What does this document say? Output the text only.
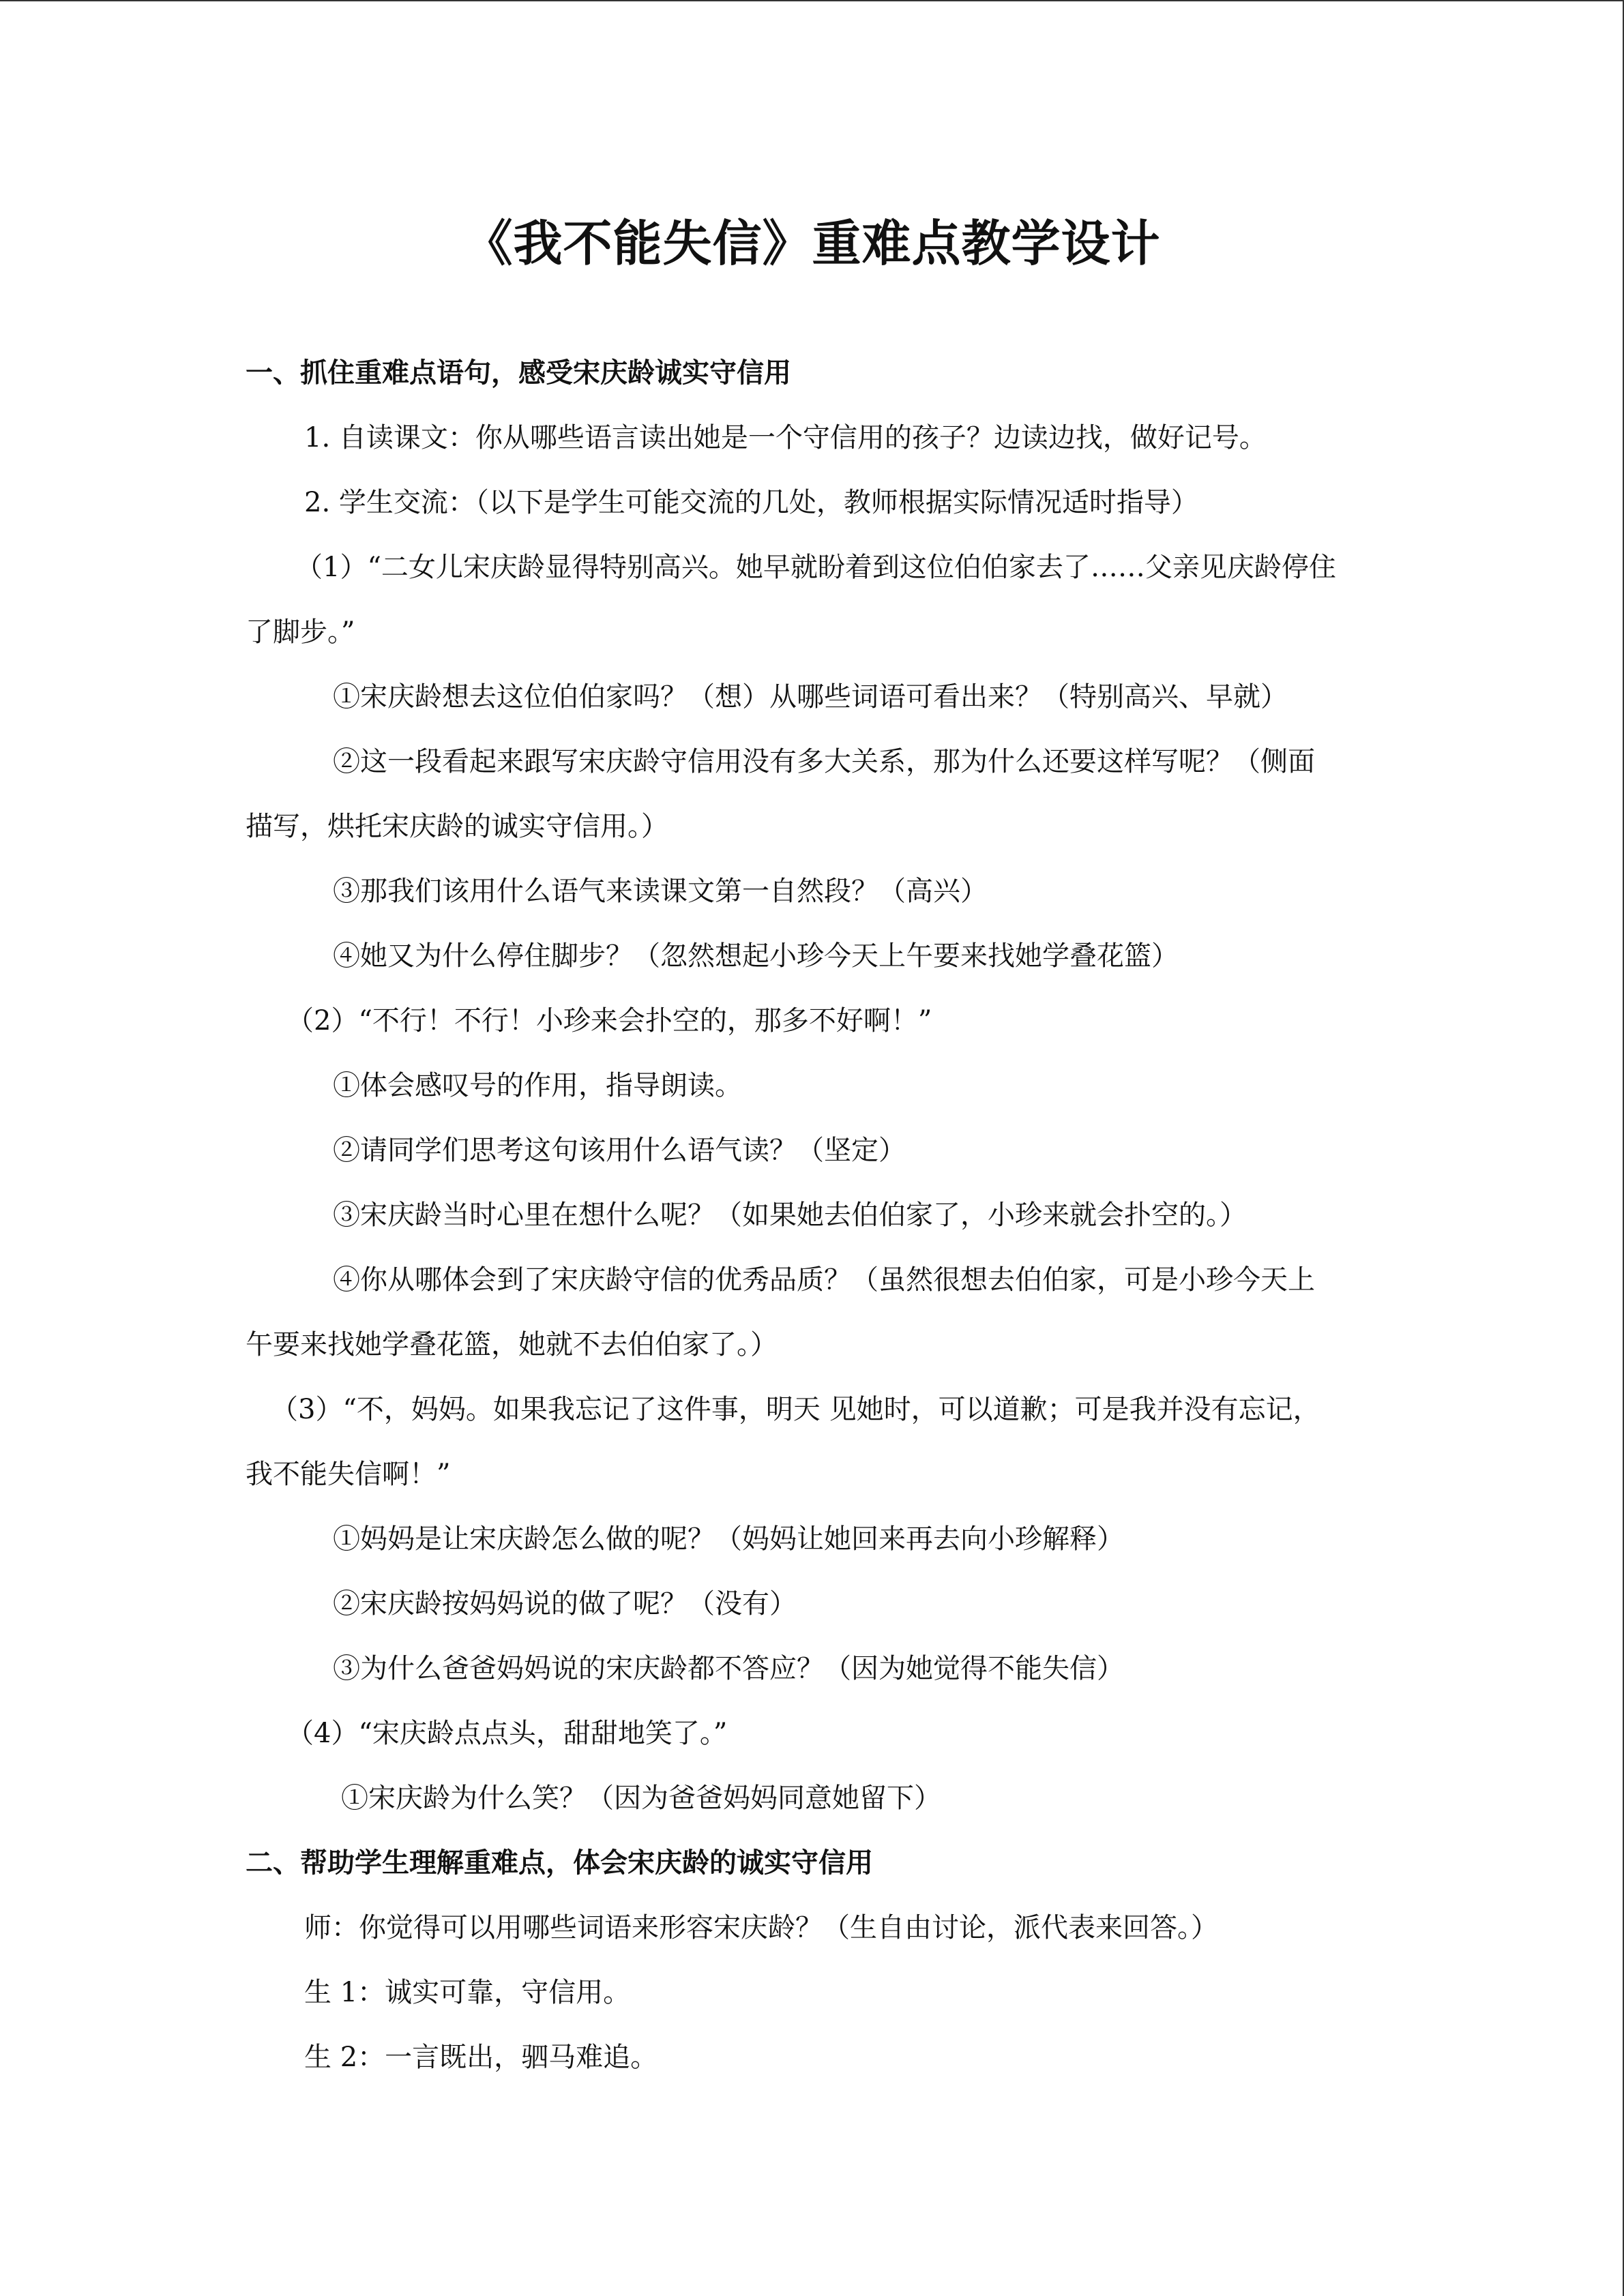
《我不能失信》重难点教学设计
一、抓住重难点语句，感受宋庆龄诚实守信用
1. 自读课文：你从哪些语言读出她是一个守信用的孩子？边读边找，做好记号。
2. 学生交流：（以下是学生可能交流的几处，教师根据实际情况适时指导）
（1）“二女儿宋庆龄显得特别高兴。她早就盼着到这位伯伯家去了……父亲见庆龄停住
了脚步。”
①宋庆龄想去这位伯伯家吗？（想）从哪些词语可看出来？（特别高兴、早就）
②这一段看起来跟写宋庆龄守信用没有多大关系，那为什么还要这样写呢？（侧面
描写，烘托宋庆龄的诚实守信用。）
③那我们该用什么语气来读课文第一自然段？（高兴）
④她又为什么停住脚步？（忽然想起小珍今天上午要来找她学叠花篮）
（2）“不行！不行！小珍来会扑空的，那多不好啊！”
①体会感叹号的作用，指导朗读。
②请同学们思考这句该用什么语气读？（坚定）
③宋庆龄当时心里在想什么呢？（如果她去伯伯家了，小珍来就会扑空的。）
④你从哪体会到了宋庆龄守信的优秀品质？（虽然很想去伯伯家，可是小珍今天上
午要来找她学叠花篮，她就不去伯伯家了。）
（3）“不，妈妈。如果我忘记了这件事，明天 见她时，可以道歉；可是我并没有忘记，
我不能失信啊！”
①妈妈是让宋庆龄怎么做的呢？（妈妈让她回来再去向小珍解释）
②宋庆龄按妈妈说的做了呢？（没有）
③为什么爸爸妈妈说的宋庆龄都不答应？（因为她觉得不能失信）
（4）“宋庆龄点点头，甜甜地笑了。”
①宋庆龄为什么笑？（因为爸爸妈妈同意她留下）
二、帮助学生理解重难点，体会宋庆龄的诚实守信用
师：你觉得可以用哪些词语来形容宋庆龄？（生自由讨论，派代表来回答。）
生 1：诚实可靠，守信用。
生 2：一言既出，驷马难追。
